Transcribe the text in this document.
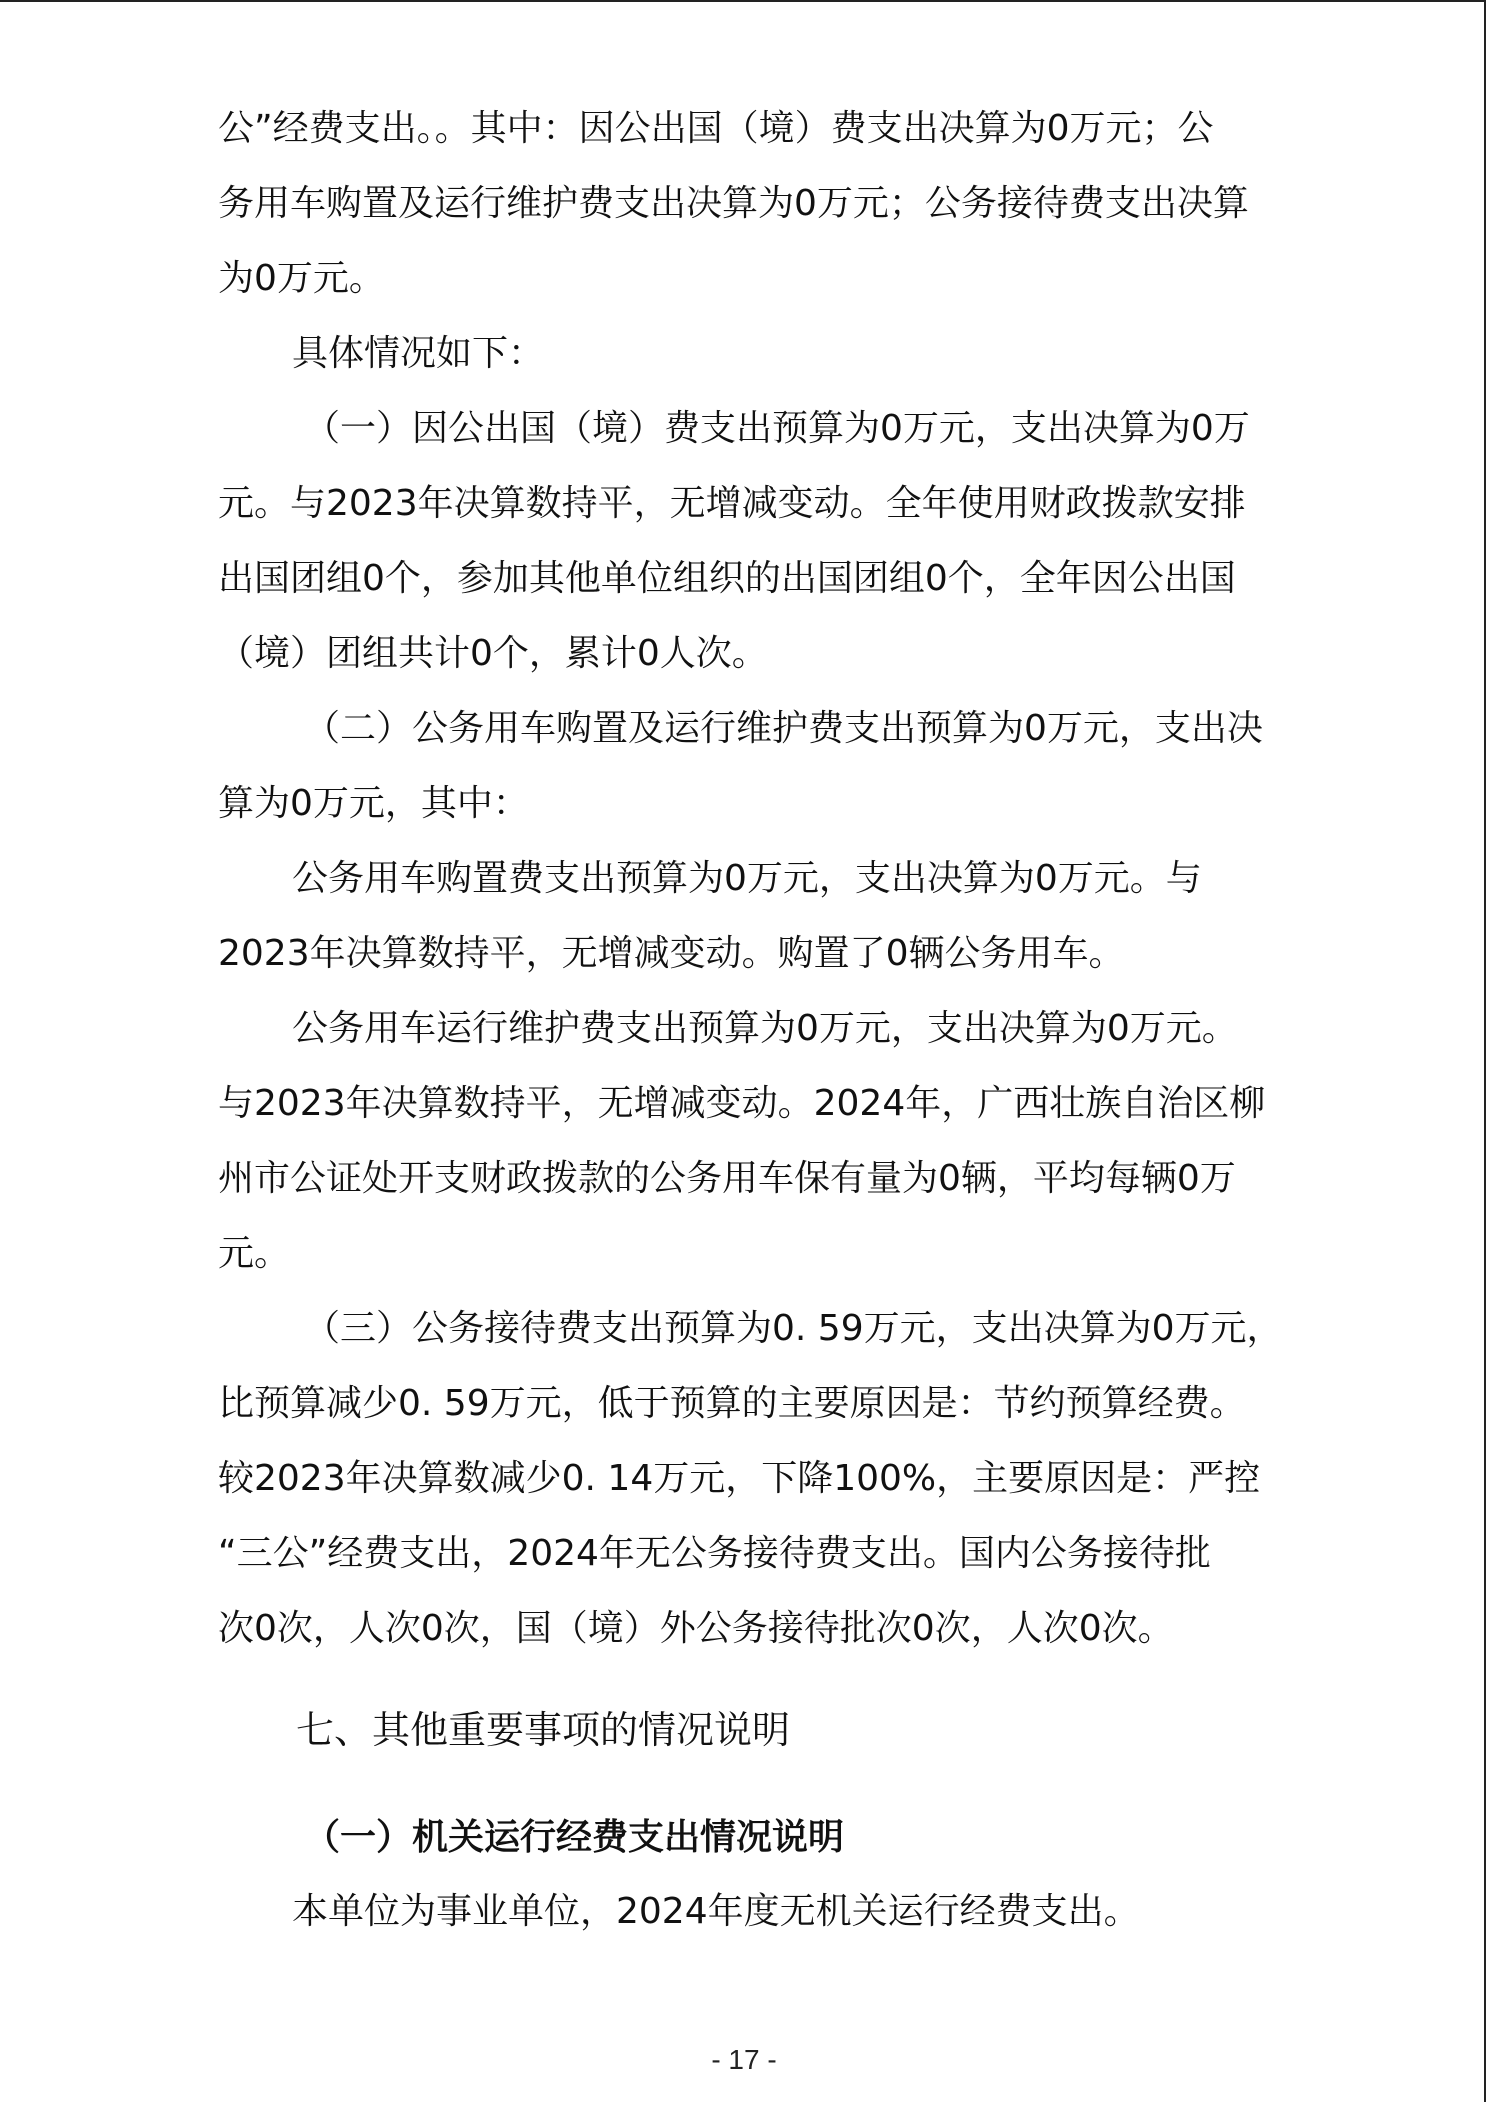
公”经费支出。。其中：因公出国（境）费支出决算为0万元；公
务用车购置及运行维护费支出决算为0万元；公务接待费支出决算
为0万元。
具体情况如下：
（一）因公出国（境）费支出预算为0万元，支出决算为0万
元。与2023年决算数持平，无增减变动。全年使用财政拨款安排
出国团组0个，参加其他单位组织的出国团组0个，全年因公出国
（境）团组共计0个，累计0人次。
（二）公务用车购置及运行维护费支出预算为0万元，支出决
算为0万元，其中：
公务用车购置费支出预算为0万元，支出决算为0万元。与
2023年决算数持平，无增减变动。购置了0辆公务用车。
公务用车运行维护费支出预算为0万元，支出决算为0万元。
与2023年决算数持平，无增减变动。2024年，广西壮族自治区柳
州市公证处开支财政拨款的公务用车保有量为0辆，平均每辆0万
元。
（三）公务接待费支出预算为0. 59万元，支出决算为0万元，
比预算减少0. 59万元，低于预算的主要原因是：节约预算经费。
较2023年决算数减少0. 14万元，下降100%，主要原因是：严控
“三公”经费支出，2024年无公务接待费支出。国内公务接待批
次0次，人次0次，国（境）外公务接待批次0次，人次0次。
七、其他重要事项的情况说明
（一）机关运行经费支出情况说明
本单位为事业单位，2024年度无机关运行经费支出。
- 17 -
